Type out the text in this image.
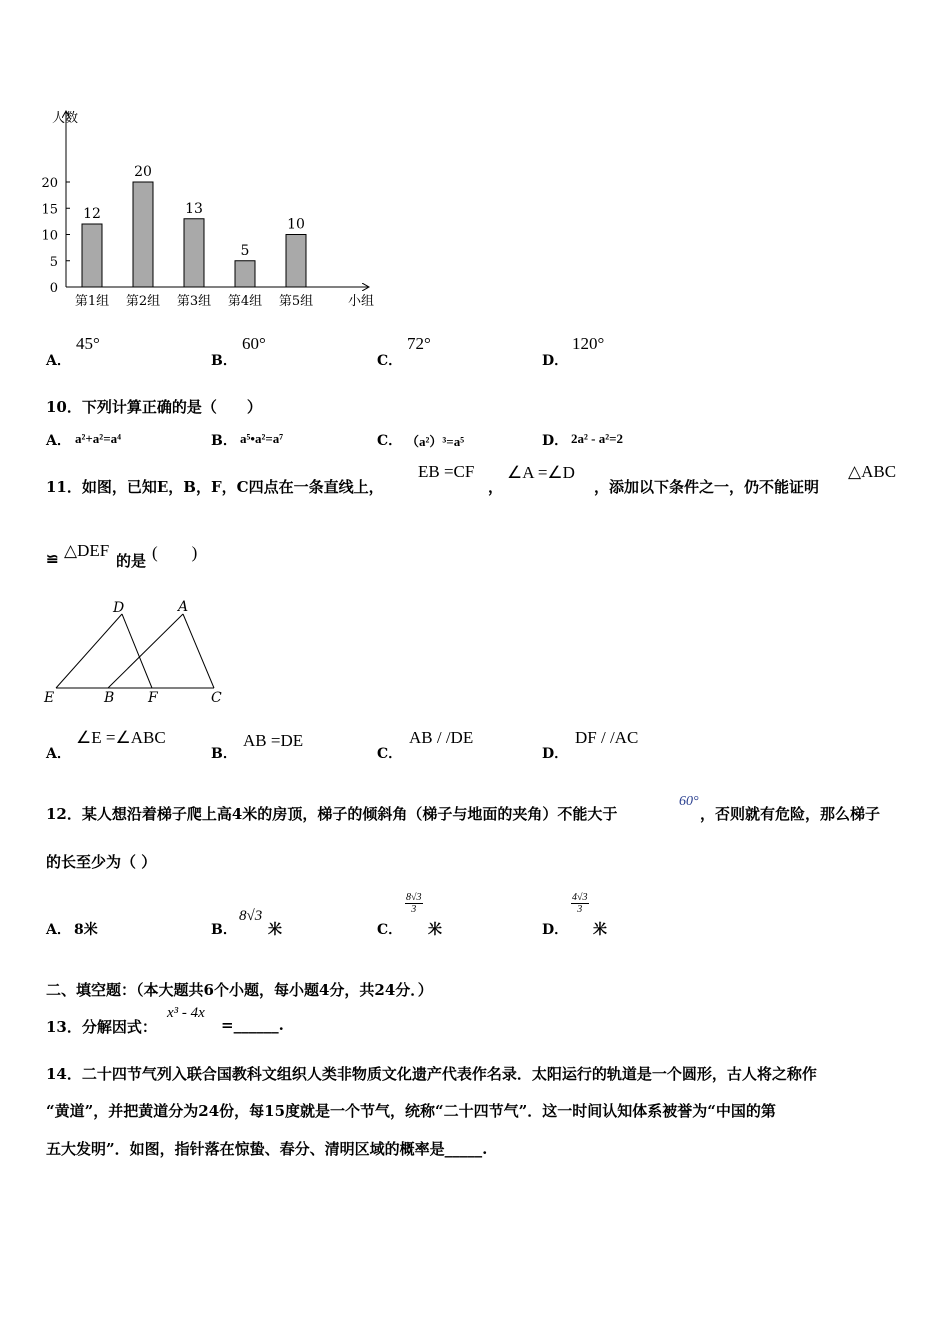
人数
小组
0
5
10
15
20
12
第1组
20
第2组
13
第3组
5
第4组
10
第5组
A．
45°
B．
60°
C．
72°
D．
120°
10．下列计算正确的是（　　）
A． a²+a²=a⁴	B． a⁵•a²=a⁷	C． （a²）³=a⁵	D． 2a² - a²=2
11．如图，已知E，B，F，C四点在一条直线上，
EB =CF
，
∠A =∠D
，添加以下条件之一，仍不能证明
△ABC
≌ △DEF
的是 (　　)
D	A
E	B F	C
A．
∠E =∠ABC
B．
AB =DE
C．
AB / /DE
D．
DF / /AC
12．某人想沿着梯子爬上高4米的房顶，梯子的倾斜角（梯子与地面的夹角）不能大于
60°
，否则就有危险，那么梯子
的长至少为（ ）
A． 8米	B．
8√3
米	C．
$\frac{8√3}{3}$
米	D．
$\frac{4√3}{3}$
米
二、填空题：（本大题共6个小题，每小题4分，共24分．）
13．分解因式：
x³ - 4x
=______.
14．二十四节气列入联合国教科文组织人类非物质文化遗产代表作名录．太阳运行的轨道是一个圆形，古人将之称作
“黄道”，并把黄道分为24份，每15度就是一个节气，统称“二十四节气”．这一时间认知体系被誉为“中国的第
五大发明”．如图，指针落在惊蛰、春分、清明区域的概率是_____.
